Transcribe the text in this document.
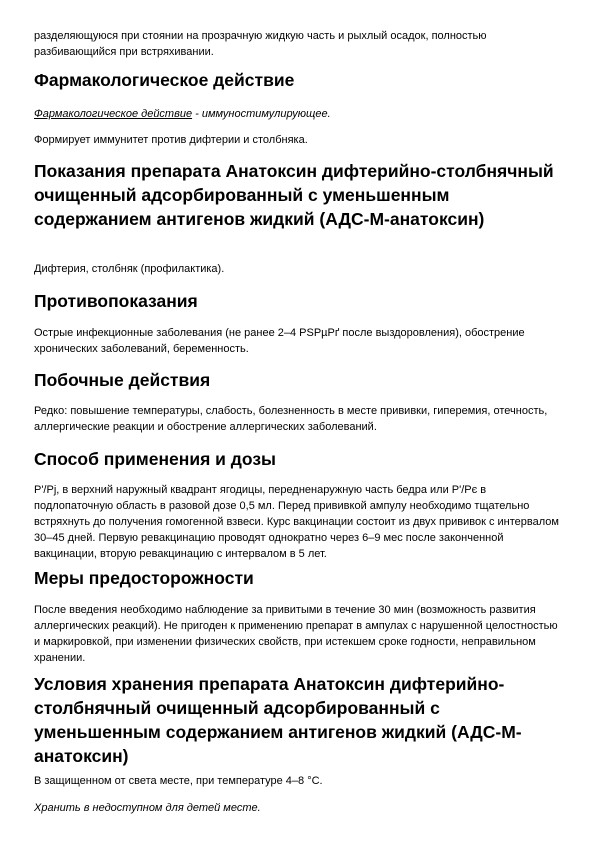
разделяющуюся при стоянии на прозрачную жидкую часть и рыхлый осадок, полностью разбивающийся при встряхивании.

Фармакологическое действие

Фармакологическое действие - иммуностимулирующее.

Формирует иммунитет против дифтерии и столбняка.

Показания препарата Анатоксин дифтерийно-столбнячный очищенный адсорбированный с уменьшенным содержанием антигенов жидкий (АДС-М-анатоксин)

Дифтерия, столбняк (профилактика).

Противопоказания

Острые инфекционные заболевания (не ранее 2–4 PSPµPґ после выздоровления), обострение хронических заболеваний, беременность.

Побочные действия

Редко: повышение температуры, слабость, болезненность в месте прививки, гиперемия, отечность, аллергические реакции и обострение аллергических заболеваний.

Способ применения и дозы

Р'/Рј, в верхний наружный квадрант ягодицы, передненаружную часть бедра или Р'/Рє в подлопаточную область в разовой дозе 0,5 мл. Перед прививкой ампулу необходимо тщательно встряхнуть до получения гомогенной взвеси. Курс вакцинации состоит из двух прививок с интервалом 30–45 дней. Первую ревакцинацию проводят однократно через 6–9 мес после законченной вакцинации, вторую ревакцинацию с интервалом в 5 лет.

Меры предосторожности

После введения необходимо наблюдение за привитыми в течение 30 мин (возможность развития аллергических реакций). Не пригоден к применению препарат в ампулах с нарушенной целостностью и маркировкой, при изменении физических свойств, при истекшем сроке годности, неправильном хранении.

Условия хранения препарата Анатоксин дифтерийно-столбнячный очищенный адсорбированный с уменьшенным содержанием антигенов жидкий (АДС-М-анатоксин)

В защищенном от света месте, при температуре 4–8 °С.

Хранить в недоступном для детей месте.
